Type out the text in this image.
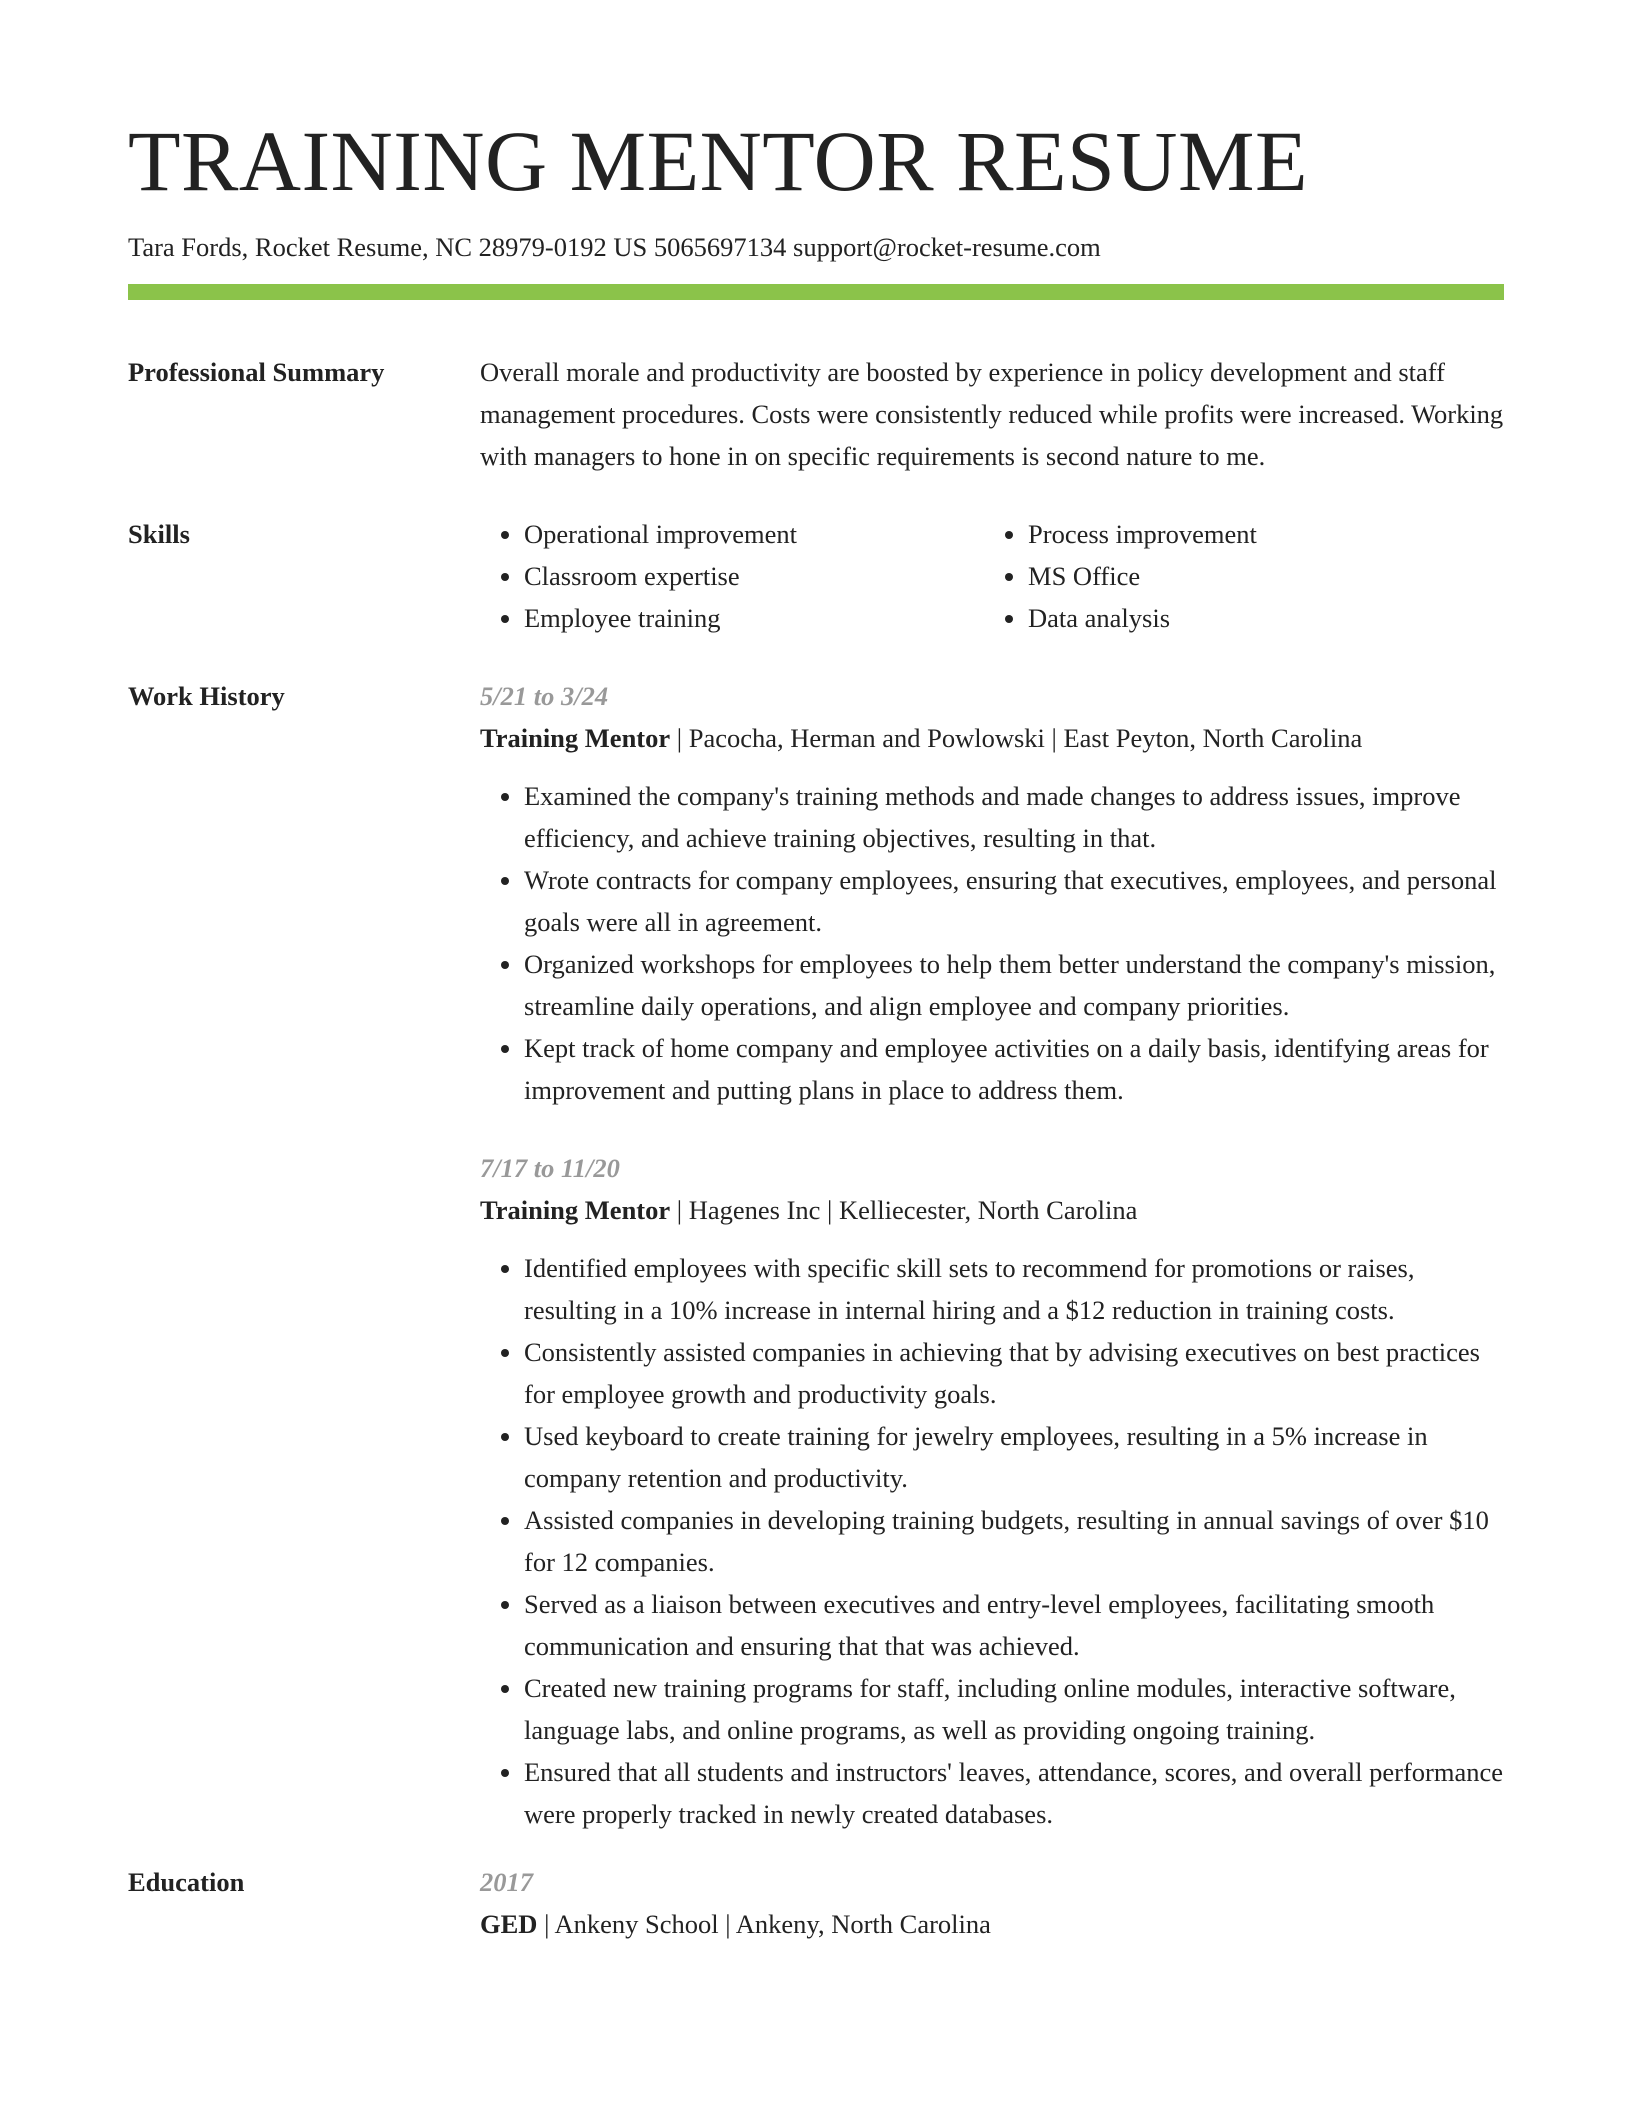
TRAINING MENTOR RESUME
Tara Fords, Rocket Resume, NC 28979-0192 US 5065697134 support@rocket-resume.com
Professional Summary	Overall morale and productivity are boosted by experience in policy development and staff management procedures. Costs were consistently reduced while profits were increased. Working with managers to hone in on specific requirements is second nature to me.
Skills
•	Operational improvement
• Classroom expertise
• Employee training
• Process improvement
• MS Office
• Data analysis
Work History	5/21 to 3/24
Training Mentor | Pacocha, Herman and Powlowski | East Peyton, North Carolina
• Examined the company's training methods and made changes to address issues, improve efficiency, and achieve training objectives, resulting in that.
• Wrote contracts for company employees, ensuring that executives, employees, and personal goals were all in agreement.
• Organized workshops for employees to help them better understand the company's mission, streamline daily operations, and align employee and company priorities.
• Kept track of home company and employee activities on a daily basis, identifying areas for improvement and putting plans in place to address them.
7/17 to 11/20
Training Mentor | Hagenes Inc | Kelliecester, North Carolina
• Identified employees with specific skill sets to recommend for promotions or raises, resulting in a 10% increase in internal hiring and a $12 reduction in training costs.
• Consistently assisted companies in achieving that by advising executives on best practices for employee growth and productivity goals.
• Used keyboard to create training for jewelry employees, resulting in a 5% increase in company retention and productivity.
• Assisted companies in developing training budgets, resulting in annual savings of over $10 for 12 companies.
• Served as a liaison between executives and entry-level employees, facilitating smooth communication and ensuring that that was achieved.
• Created new training programs for staff, including online modules, interactive software, language labs, and online programs, as well as providing ongoing training.
• Ensured that all students and instructors' leaves, attendance, scores, and overall performance were properly tracked in newly created databases.
Education	2017
GED | Ankeny School | Ankeny, North Carolina
